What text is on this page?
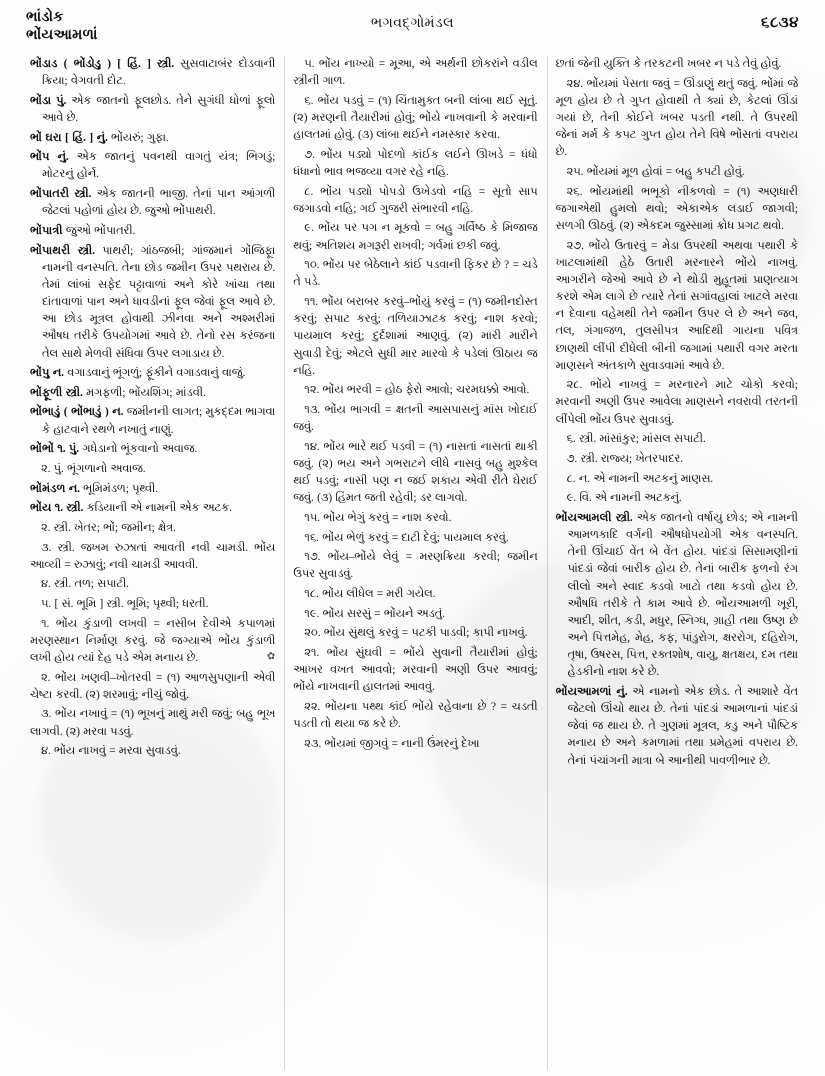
ભાંડોક
ભોંયઆમળાં
ભગવદ્ગોમંડલ	૬૮૩૪

ભોંડાડ ( ભોંડોડુ ) [ હિં. ] સ્ત્રી. સુસવાટાબંર દોડવાની ક્રિયા; વેગવતી દોટ.

ભોંડા પું. એક જાતનો ફૂલછોડ. તેને સુગંધી ધોળાં ફૂલો આવે છે.

ભોં ઘરા [ હિં. ] નું. ભોંયરું; ગુફા.

ભોંપ નું. એક જાતનું પવનથી વાગતું યંત્ર; ભિગડું; મોટરનું હોર્ન.

ભોંપાતરી સ્ત્રી. એક જાતની ભાજી. તેનાં પાન આંગળી જેટલાં પહોળાં હોય છે. જુઓ ભોંપાથરી.

ભોંપાત્રી જુઓ ભોંપાતરી.

ભોંપાથરી સ્ત્રી. પાથરી; ગાંઠજબી; ગાંજમાનં ગોંજિફૂા નામની વનસ્પતિ. તેના છોડ જમીન ઉપર પથરાય છે. તેમાં લાંબાં સફેદ પટ્ટાવાળાં અને કોરે ખાંચા તથા દાંતાવાળાં પાન અને ધાવડીનાં ફૂલ જેવાં ફૂલ આવે છે. આ છોડ મૂત્રલ હોવાથી ઝીનવા અને અશ્મરીમાં ઔષધ તરીકે ઉપયોગમાં આવે છે. તેનો રસ કરંજના તેલ સાથે મેળવી સંધિવા ઉપર લગાડાય છે.

ભોંપુ ન. વગાડવાનું ભૂંગળું; ફૂંકીને વગાડવાનું વાજું.

ભોંફૂળી સ્ત્રી. મગફળી; ભોંયશિંગ; માંડવી.

ભોંભાડું ( ભોંભાડું ) ન. જમીનની લાગત; મુકદ્દમ ભાગવા કે હાટવાને રથળે નખાતું નાણું.

ભોંભોં ૧. પું. ગધેડાનો ભૂંકવાનો અવાજ.

૨. પું. ભૂંગળાનો અવાજ.

ભોંમંડળ ન. ભૂમિમંડળ; પૃથ્વી.

ભોંય ૧. સ્ત્રી. કડિયાની એ નામની એક અટક.

૨. સ્ત્રી. ખેતર; ભોં; જમીન; ક્ષેત્ર.

૩. સ્ત્રી. જખમ રુઝાતાં આવતી નવી ચામડી. ભોંય આવ્યી = રુઝાવું; નવી ચામડી આવવી.

૪. સ્ત્રી. તળ; સપાટી.

૫. [ સં. ભૂમિ ] સ્ત્રી. ભૂમિ; પૃથ્વી; ધરતી.

૧. ભોંય કુંડાળી લખવી = નસીબ દેવીએ કપાળમાં મરણસ્થાન નિર્માણ કરવું. જે જગ્યાએ ભોંય કુંડાળી લખી હોય ત્યાં દેહ પડે એમ મનાય છે.	✿

૨. ભોંય ખણવી–ખોતરવી = (૧) આળસુપણાની એવી ચેષ્ટા કરવી. (૨) શરમાવું; નીચું જોવું.

૩. ભોંય નખાવું = (૧) ભૂખનું માથું મરી જવું; બહુ ભૂખ લાગવી. (૨) મરવા પડવું.

૪. ભોંય નાખવું = મરવા સુવાડવું.

૫. ભોંય નાખ્યો = મૂઆ, એ અર્થની છોકરાંને વડીલ સ્ત્રીની ગાળ.

૬. ભોંય પડવું = (૧) ચિંતામુક્ત બની લાંબા થઈ સૂતું. (૨) મરણની તૈયારીમાં હોવું; ભોંયે નાખવાની કે મરવાની હાલતમાં હોવું. (૩) લાંબા થઈને નમસ્કાર કરવા.

૭. ભોંય પડ્યો પોદળો કાંઈક લઈને ઊખડે = ધંધો ધંધાનો ભાવ ભજવ્યા વગર રહે નહિ.

૮. ભોંય પડ્યો પોપડો ઉખેડવો નહિ = સૂતો સાપ જગાડવો નહિ; ગઈ ગુજરી સંભારવી નહિ.

૯. ભોંય પર પગ ન મૂકવો = બહુ ગર્વિષ્ઠ કે મિજાજ થવું; અતિશય મગરૂરી રાખવી; ગર્વમાં છકી જવું.

૧૦. ભોંય પર બેઠેલાને કાંઈ પડવાની ફિકર છે ? = ચડે તે પડે.

૧૧. ભોંય બરાબર કરવું–ભોંયું કરવું = (૧) જમીનદોસ્ત કરવું; સપાટ કરવું; તળિયાઝાટક કરવું; નાશ કરવો; પાયમાલ કરવું; દુર્દશામાં આણવું. (૨) મારી મારીને સુવાડી દેવું; એટલે સુધી માર મારવો કે પડેલાં ઊઠાય જ નહિ.

૧૨. ભોંય ભરવી = હોઠ ફેરો આવો; ચરમઘક્કો આવો.

૧૩. ભોંય ભાગવી = ક્ષતની આસપાસનું માંસ ખોદાઈ જવું.

૧૪. ભોંય ભારે થઈ પડવી = (૧) નાસતાં નાસતાં થાકી જવું. (૨) ભય અને ગભરાટને લીધે નાસવું બહુ મુશ્કેલ થઈ પડવું; નાસી પણ ન જઈ શકાય એવી રીતે ઘેરાઈ જવું. (૩) હિંમત જતી રહેવી; ડર લાગવો.

૧૫. ભોંય ભેગું કરવું = નાશ કરવો.

૧૬. ભોંય ભેળું કરવું = દાટી દેવું; પાયમાલ કરવું.

૧૭. ભોંય–ભોંયે લેવું = મરણક્રિયા કરવી; જમીન ઉપર સુવાડવું.

૧૮. ભોંય લીધેલ = મરી ગયેલ.

૧૯. ભોંય સરસું = ભોંયને અડતું.

૨૦. ભોંય સુંથલું કરવું = પટકી પાડવી; કાપી નાખવું.

૨૧. ભોંય સુંઘવી = ભોંયે સુવાની તૈયારીમાં હોવું; આખર વખત આવવો; મરવાની અણી ઉપર આવવું; ભોંયે નાખવાની હાલતમાં આવવું.

૨૨. ભોંયના પથ્થ કાંઈ ભોંયે રહેવાના છે ? = ચડતી પડતી તો થયા જ કરે છે.

૨૩. ભોંયમાં જીગવું = નાની ઉંમરનું દેખા

છતાં જેની યુક્તિ કે તરકટની ખબર ન પડે તેવું હોવું.

૨૪. ભોંયમાં પેસતા જવું = ઊંડાણું થતું જવું. ભોંમાં જે મૂળ હોય છે તે ગુપ્ત હોવાથી તે ક્યાં છે, કેટલાં ઊંડાં ગયાં છે, તેની કોઈને ખબર પડતી નથી. તે ઉપરથી જેનાં મર્મ કે કપટ ગુપ્ત હોય તેને વિષે ભોંસતાં વપરાય છે.

૨૫. ભોંયમાં મૂળ હોવાં = બહુ કપટી હોવું.

૨૬. ભોંયમાંથી ભભૂકો નીકળવો = (૧) અણધારી જગાએથી હુમલો થવો; એકાએક લડાઈ જાગવી; સળગી ઊઠવું. (૨) એકદમ જુસ્સામાં ક્રોધ પ્રગટ થવો.

૨૭. ભોંયે ઉતારવું = મેડા ઉપરથી અથવા પથારી કે ખાટલામાંથી હેઠે ઉતારી મરનારને ભોંયે નાખવું. આગરીને જેઓ આવે છે ને થોડી મુહૂતમાં પ્રાણત્યાગ કરશે એમ લાગે છે ત્યારે તેનાં સગાંવહાલાં ખાટલે મરવા ન દેવાના વહેમથી તેને જમીન ઉપર લે છે અને જવ, તલ, ગંગાજળ, તુલસીપત્ર આદિથી ગાયના પવિત્ર છાણથી લીંપી દીધેલી બીની જગામાં પથારી વગર મરતા માણસને અંતકાળે સુવાડવામાં આવે છે.

૨૮. ભોંયે નાખવું = મરનારને માટે ચોકો કરવો; મરવાની અણી ઉપર આવેલા માણસને નવરાવી તરતની લીંપેલી ભોંય ઉપર સુવાડવું.

૬. સ્ત્રી. માંસાંકુર; માંસલ સપાટી.

૭. સ્ત્રી. રાજ્ય; ખેતરપાદર.

૮. ન. એ નામની અટકનું માણસ.

૯. વિ. એ નામની અટકનું.

ભોંયઆમલી સ્ત્રી. એક જાતનો વર્ષાયુ છોડ; એ નામની આમળકાદિ વર્ગની ઔષધોપયોગી એક વનસ્પતિ. તેની ઊંચાઈ વેંત બે વેંત હોય. પાંદડાં સિસામણીનાં પાંદડાં જેવાં બારીક હોય છે. તેનાં બારીક ફળનો રંગ લીલો અને સ્વાદ કડવો ખાટો તથા કડવો હોય છે. ઔષધિ તરીકે તે કામ આવે છે. ભોંયઆમળી ખૂરી, આદી, શીત, કડી, મધુર, સ્નિગ્ધ, ગ્રાહી તથા ઉષ્ણ છે અને પિત્તમેહ, મેહ, કફ, પાંડુરોગ, ક્ષરરોગ, દહિરોગ, તૃષા, ઉષરસ, પિત્ત, રક્તશોષ, વાયુ, ક્ષતક્ષય, દમ તથા હેડકીનો નાશ કરે છે.

ભોંયઆમળાં નું. એ નામનો એક છોડ. તે આશારે વેંત જેટલો ઊંચો થાય છે. તેનાં પાંદડાં આમળાનાં પાંદડાં જેવાં જ થાય છે. તે ગુણમાં મૂત્રલ, કડુ અને પૌષ્ટિક મનાય છે અને કમળામાં તથા પ્રમેહમાં વપરાય છે. તેનાં પંચાંગની માત્રા બે આનીથી પાવળીભાર છે.
